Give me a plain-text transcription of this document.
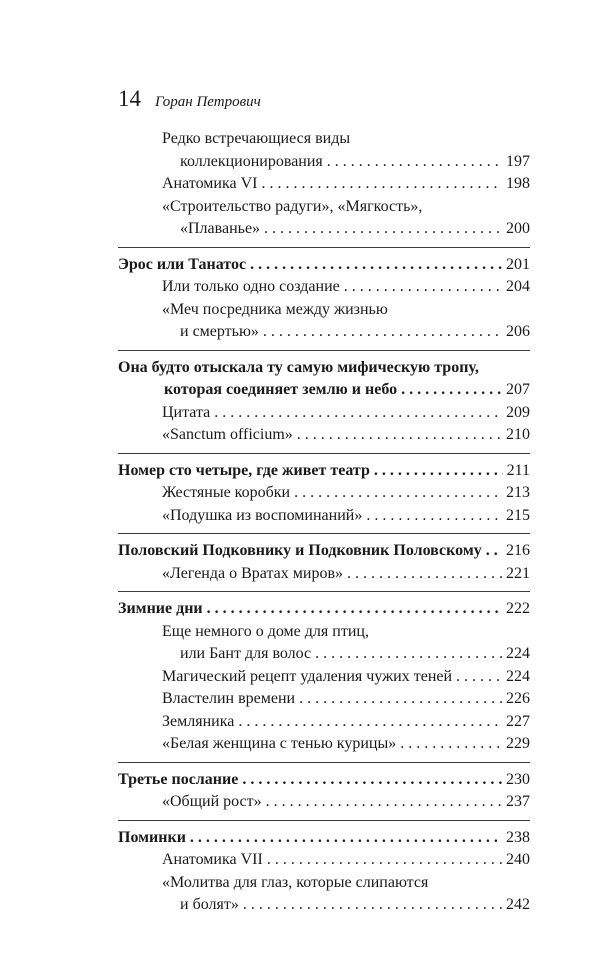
14 Горан Петрович
Редко встречающиеся виды
коллекционирования . . .	197
Анатомика VI . . .	198
«Строительство радуги», «Мягкость»,
«Плаванье» . . .	200
Эрос или Танатос . . .	201
Или только одно создание . . .	204
«Меч посредника между жизнью
и смертью» . . .	206
Она будто отыскала ту самую мифическую тропу,
которая соединяет землю и небо . . .	207
Цитата . . .	209
«Sanctum officium» . . .	210
Номер сто четыре, где живет театр . . .	211
Жестяные коробки . . .	213
«Подушка из воспоминаний» . . .	215
Половский Подковнику и Подковник Половскому . . . 216
«Легенда о Вратах миров» . . .	221
Зимние дни . . .	222
Еще немного о доме для птиц,
или Бант для волос . . .	224
Магический рецепт удаления чужих теней . . .	224
Властелин времени . . .	226
Земляника . . .	227
«Белая женщина с тенью курицы» . . .	229
Третье послание . . .	230
«Общий рост» . . .	237
Поминки . . .	238
Анатомика VII . . .	240
«Молитва для глаз, которые слипаются
и болят» . . .	242
